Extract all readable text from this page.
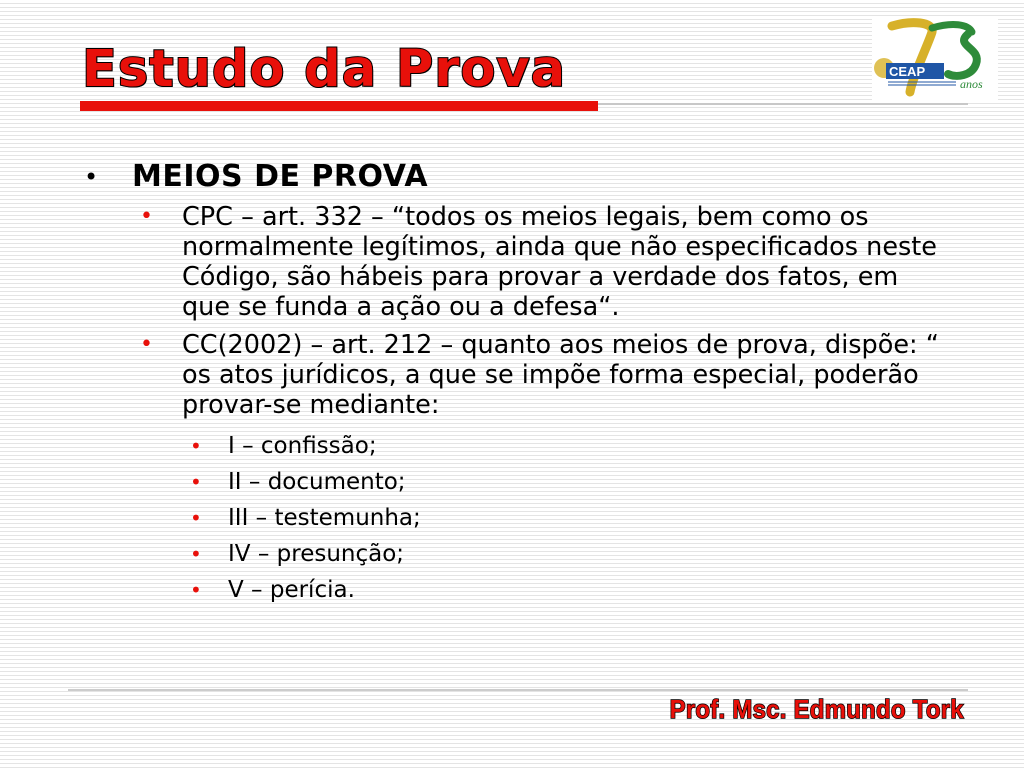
Estudo da Prova	CEAP
anos
• MEIOS DE PROVA
• CPC – art. 332 – “todos os meios legais, bem como os normalmente legítimos, ainda que não especificados neste Código, são hábeis para provar a verdade dos fatos, em que se funda a ação ou a defesa“.
• CC(2002) – art. 212 – quanto aos meios de prova, dispõe: “ os atos jurídicos, a que se impõe forma especial, poderão provar-se mediante:
• I – confissão;
• II – documento;
• III – testemunha;
• IV – presunção;
• V – perícia.
Prof. Msc. Edmundo Tork
